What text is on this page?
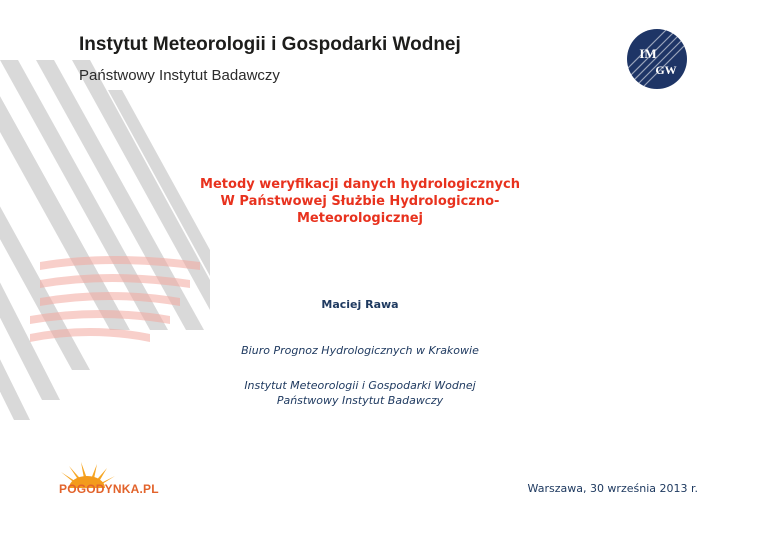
Instytut Meteorologii i Gospodarki Wodnej
Państwowy Instytut Badawczy
IM
GW
Metody weryfikacji danych hydrologicznych
W Państwowej Służbie Hydrologiczno-
Meteorologicznej
Maciej Rawa
Biuro Prognoz Hydrologicznych w Krakowie
Instytut Meteorologii i Gospodarki Wodnej
Państwowy Instytut Badawczy
POGODYNKA.PL	Warszawa, 30 września 2013 r.
